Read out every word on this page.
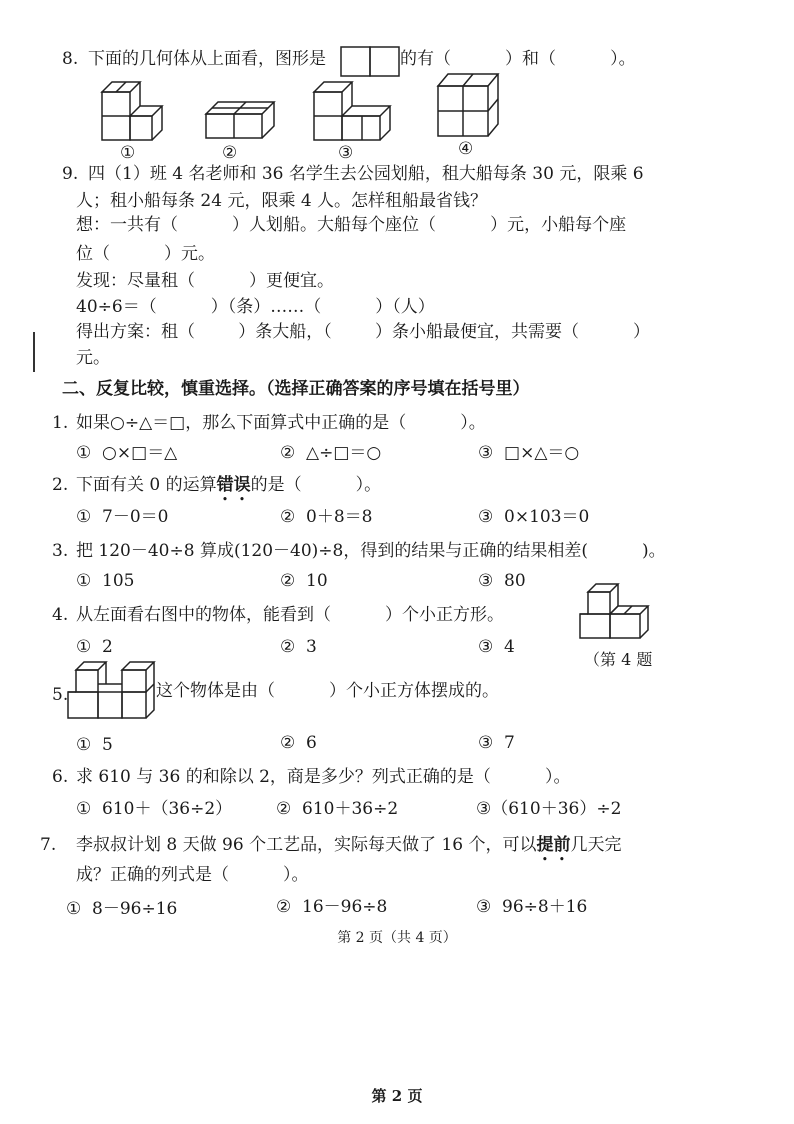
8. 下面的几何体从上面看，图形是	的有（          ）和（          ）。
①	②	③	④
9. 四（1）班 4 名老师和 36 名学生去公园划船，租大船每条 30 元，限乘 6
人；租小船每条 24 元，限乘 4 人。怎样租船最省钱？
想：一共有（          ）人划船。大船每个座位（          ）元，小船每个座
位（          ）元。
发现：尽量租（          ）更便宜。
40÷6＝（          ）（条）……（          ）（人）
得出方案：租（        ）条大船，（        ）条小船最便宜，共需要（          ）
元。
二、反复比较，慎重选择。（选择正确答案的序号填在括号里）
1. 如果○÷△＝□，那么下面算式中正确的是（          ）。
①  ○×□＝△	②  △÷□＝○	③  □×△＝○
2. 下面有关 0 的运算错误的是（          ）。
①  7－0＝0	②  0＋8＝8	③  0×103＝0
3. 把 120－40÷8 算成(120－40)÷8，得到的结果与正确的结果相差(          )。
①  105	②  10	③  80
4. 从左面看右图中的物体，能看到（          ）个小正方形。
①  2	②  3	③  4
（第 4 题
5.	这个物体是由（          ）个小正方体摆成的。
①  5	②  6	③  7
6. 求 610 与 36 的和除以 2，商是多少？列式正确的是（          ）。
①  610＋（36÷2）	②  610＋36÷2	③（610＋36）÷2
7. 李叔叔计划 8 天做 96 个工艺品，实际每天做了 16 个，可以提前几天完
成？正确的列式是（          ）。
①  8－96÷16	②  16－96÷8	③  96÷8＋16
第 2 页（共 4 页）
第 2 页
